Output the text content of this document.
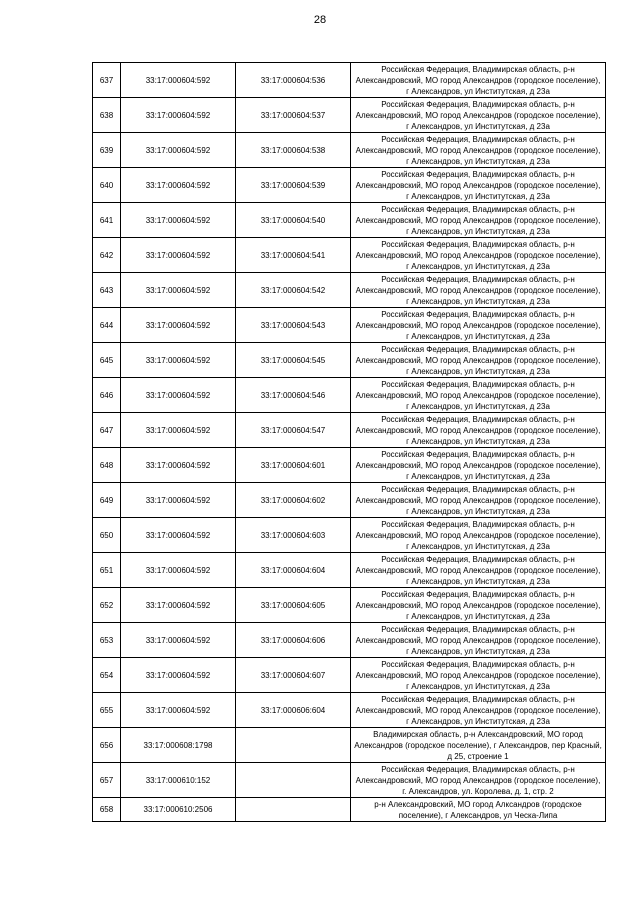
28
637	33:17:000604:592	33:17:000604:536	Российская Федерация, Владимирская область, р-н Александровский, МО город Александров (городское поселение), г Александров, ул Институтская, д 23а
638	33:17:000604:592	33:17:000604:537	Российская Федерация, Владимирская область, р-н Александровский, МО город Александров (городское поселение), г Александров, ул Институтская, д 23а
639	33:17:000604:592	33:17:000604:538	Российская Федерация, Владимирская область, р-н Александровский, МО город Александров (городское поселение), г Александров, ул Институтская, д 23а
640	33:17:000604:592	33:17:000604:539	Российская Федерация, Владимирская область, р-н Александровский, МО город Александров (городское поселение), г Александров, ул Институтская, д 23а
641	33:17:000604:592	33:17:000604:540	Российская Федерация, Владимирская область, р-н Александровский, МО город Александров (городское поселение), г Александров, ул Институтская, д 23а
642	33:17:000604:592	33:17:000604:541	Российская Федерация, Владимирская область, р-н Александровский, МО город Александров (городское поселение), г Александров, ул Институтская, д 23а
643	33:17:000604:592	33:17:000604:542	Российская Федерация, Владимирская область, р-н Александровский, МО город Александров (городское поселение), г Александров, ул Институтская, д 23а
644	33:17:000604:592	33:17:000604:543	Российская Федерация, Владимирская область, р-н Александровский, МО город Александров (городское поселение), г Александров, ул Институтская, д 23а
645	33:17:000604:592	33:17:000604:545	Российская Федерация, Владимирская область, р-н Александровский, МО город Александров (городское поселение), г Александров, ул Институтская, д 23а
646	33:17:000604:592	33:17:000604:546	Российская Федерация, Владимирская область, р-н Александровский, МО город Александров (городское поселение), г Александров, ул Институтская, д 23а
647	33:17:000604:592	33:17:000604:547	Российская Федерация, Владимирская область, р-н Александровский, МО город Александров (городское поселение), г Александров, ул Институтская, д 23а
648	33:17:000604:592	33:17:000604:601	Российская Федерация, Владимирская область, р-н Александровский, МО город Александров (городское поселение), г Александров, ул Институтская, д 23а
649	33:17:000604:592	33:17:000604:602	Российская Федерация, Владимирская область, р-н Александровский, МО город Александров (городское поселение), г Александров, ул Институтская, д 23а
650	33:17:000604:592	33:17:000604:603	Российская Федерация, Владимирская область, р-н Александровский, МО город Александров (городское поселение), г Александров, ул Институтская, д 23а
651	33:17:000604:592	33:17:000604:604	Российская Федерация, Владимирская область, р-н Александровский, МО город Александров (городское поселение), г Александров, ул Институтская, д 23а
652	33:17:000604:592	33:17:000604:605	Российская Федерация, Владимирская область, р-н Александровский, МО город Александров (городское поселение), г Александров, ул Институтская, д 23а
653	33:17:000604:592	33:17:000604:606	Российская Федерация, Владимирская область, р-н Александровский, МО город Александров (городское поселение), г Александров, ул Институтская, д 23а
654	33:17:000604:592	33:17:000604:607	Российская Федерация, Владимирская область, р-н Александровский, МО город Александров (городское поселение), г Александров, ул Институтская, д 23а
655	33:17:000604:592	33:17:000606:604	Российская Федерация, Владимирская область, р-н Александровский, МО город Александров (городское поселение), г Александров, ул Институтская, д 23а
656	33:17:000608:1798		Владимирская область, р-н Александровский, МО город Александров (городское поселение), г Александров, пер Красный, д 25, строение 1
657	33:17:000610:152		Российская Федерация, Владимирская область, р-н Александровский, МО город Александров (городское поселение), г. Александров, ул. Королева, д. 1, стр. 2
658	33:17:000610:2506		р-н Александровский, МО город Алксандров (городское поселение), г Александров, ул Ческа-Липа
